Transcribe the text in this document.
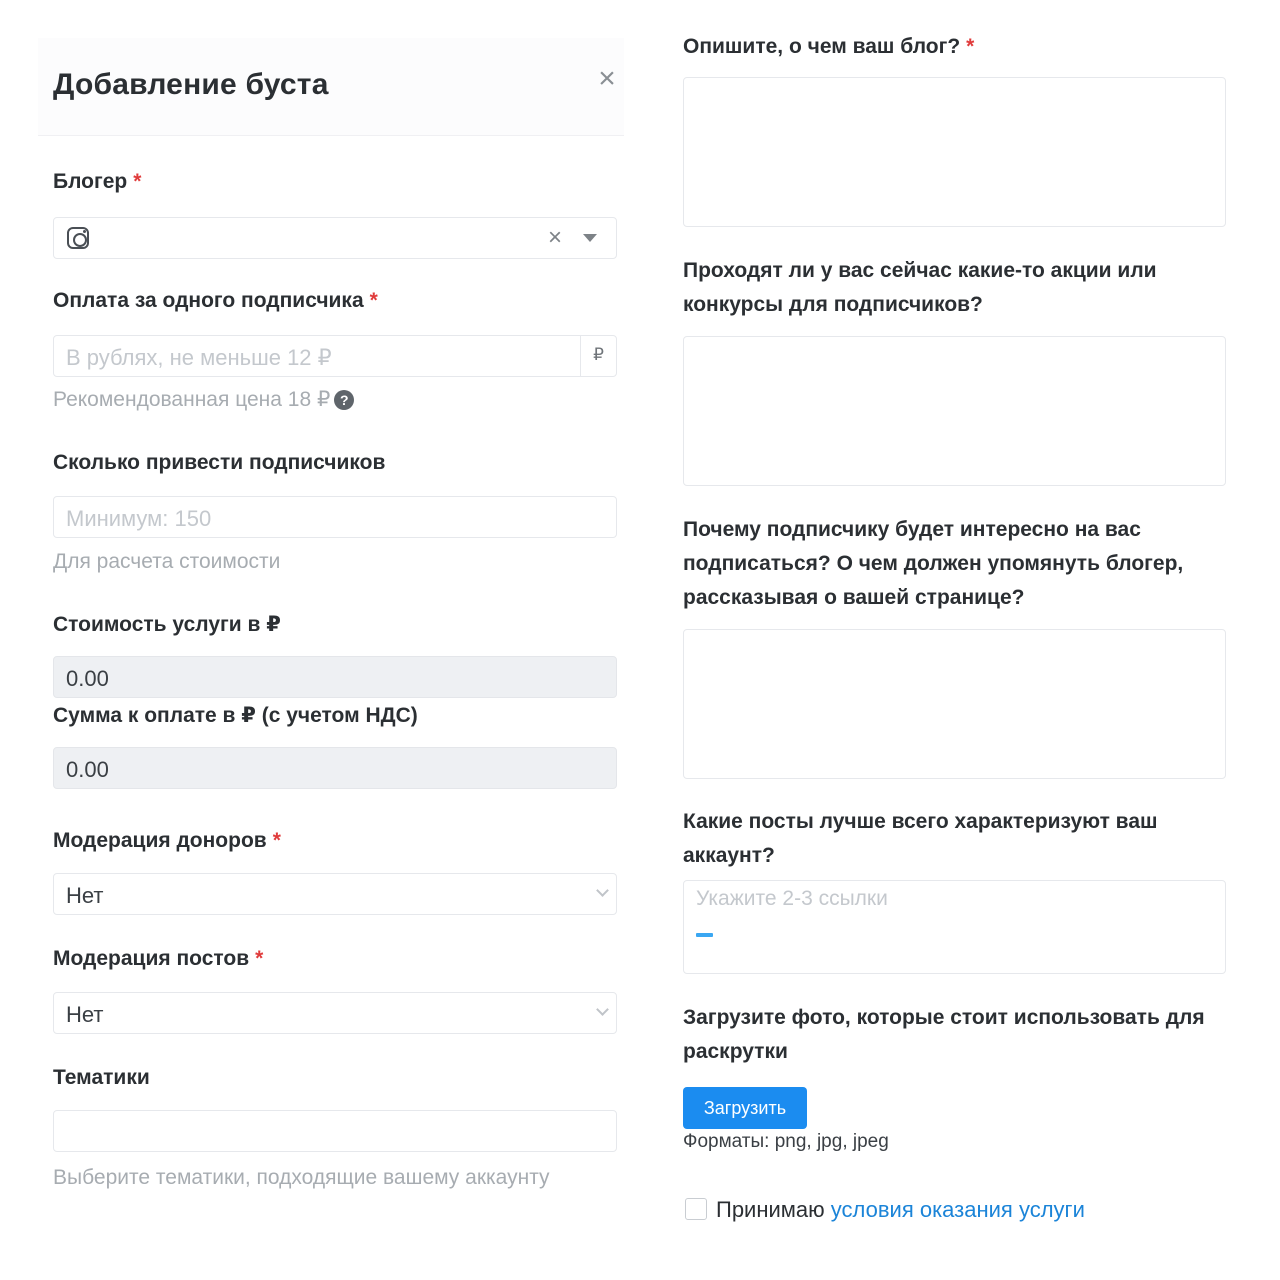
Добавление буста	×
Блогер *
×
Оплата за одного подписчика *
В рублях, не меньше 12 ₽	₽
Рекомендованная цена 18 ₽ ?
Сколько привести подписчиков
Минимум: 150
Для расчета стоимости
Стоимость услуги в ₽
0.00
Сумма к оплате в ₽ (с учетом НДС)
0.00
Модерация доноров *
Нет
Модерация постов *
Нет
Тематики
Выберите тематики, подходящие вашему аккаунту
Опишите, о чем ваш блог? *
Проходят ли у вас сейчас какие-то акции или конкурсы для подписчиков?
Почему подписчику будет интересно на вас подписаться? О чем должен упомянуть блогер, рассказывая о вашей странице?
Какие посты лучше всего характеризуют ваш аккаунт?
Укажите 2-3 ссылки
Загрузите фото, которые стоит использовать для раскрутки
Загрузить
Форматы: png, jpg, jpeg
Принимаю условия оказания услуги
